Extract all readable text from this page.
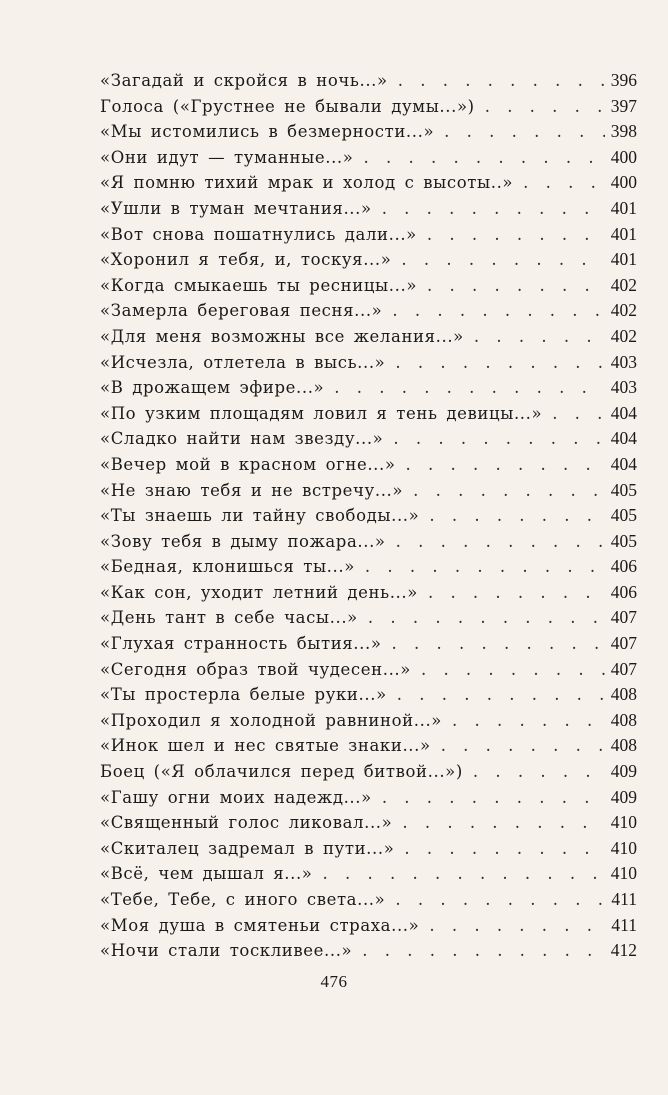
«Загадай и скройся в ночь...» . . .	396
Голоса («Грустнее не бывали думы...») . . .	397
«Мы истомились в безмерности...» . . .	398
«Они идут — туманные...» . . .	400
«Я помню тихий мрак и холод с высоты..» . . .	400
«Ушли в туман мечтания...» . . .	401
«Вот снова пошатнулись дали...» . . .	401
«Хоронил я тебя, и, тоскуя...» . . .	401
«Когда смыкаешь ты ресницы...» . . .	402
«Замерла береговая песня...» . . .	402
«Для меня возможны все желания...» . . .	402
«Исчезла, отлетела в высь...» . . .	403
«В дрожащем эфире...» . . .	403
«По узким площадям ловил я тень девицы...» . . .	404
«Сладко найти нам звезду...» . . .	404
«Вечер мой в красном огне...» . . .	404
«Не знаю тебя и не встречу...» . . .	405
«Ты знаешь ли тайну свободы...» . . .	405
«Зову тебя в дыму пожара...» . . .	405
«Бедная, клонишься ты...» . . .	406
«Как сон, уходит летний день...» . . .	406
«День тант в себе часы...» . . .	407
«Глухая странность бытия...» . . .	407
«Сегодня образ твой чудесен...» . . .	407
«Ты простерла белые руки...» . . .	408
«Проходил я холодной равниной...» . . .	408
«Инок шел и нес святые знаки...» . . .	408
Боец («Я облачился перед битвой...») . . .	409
«Гашу огни моих надежд...» . . .	409
«Священный голос ликовал...» . . .	410
«Скиталец задремал в пути...» . . .	410
«Всё, чем дышал я...» . . .	410
«Тебе, Тебе, с иного света...» . . .	411
«Моя душа в смятеньи страха...» . . .	411
«Ночи стали тоскливее...» . . .	412
476
